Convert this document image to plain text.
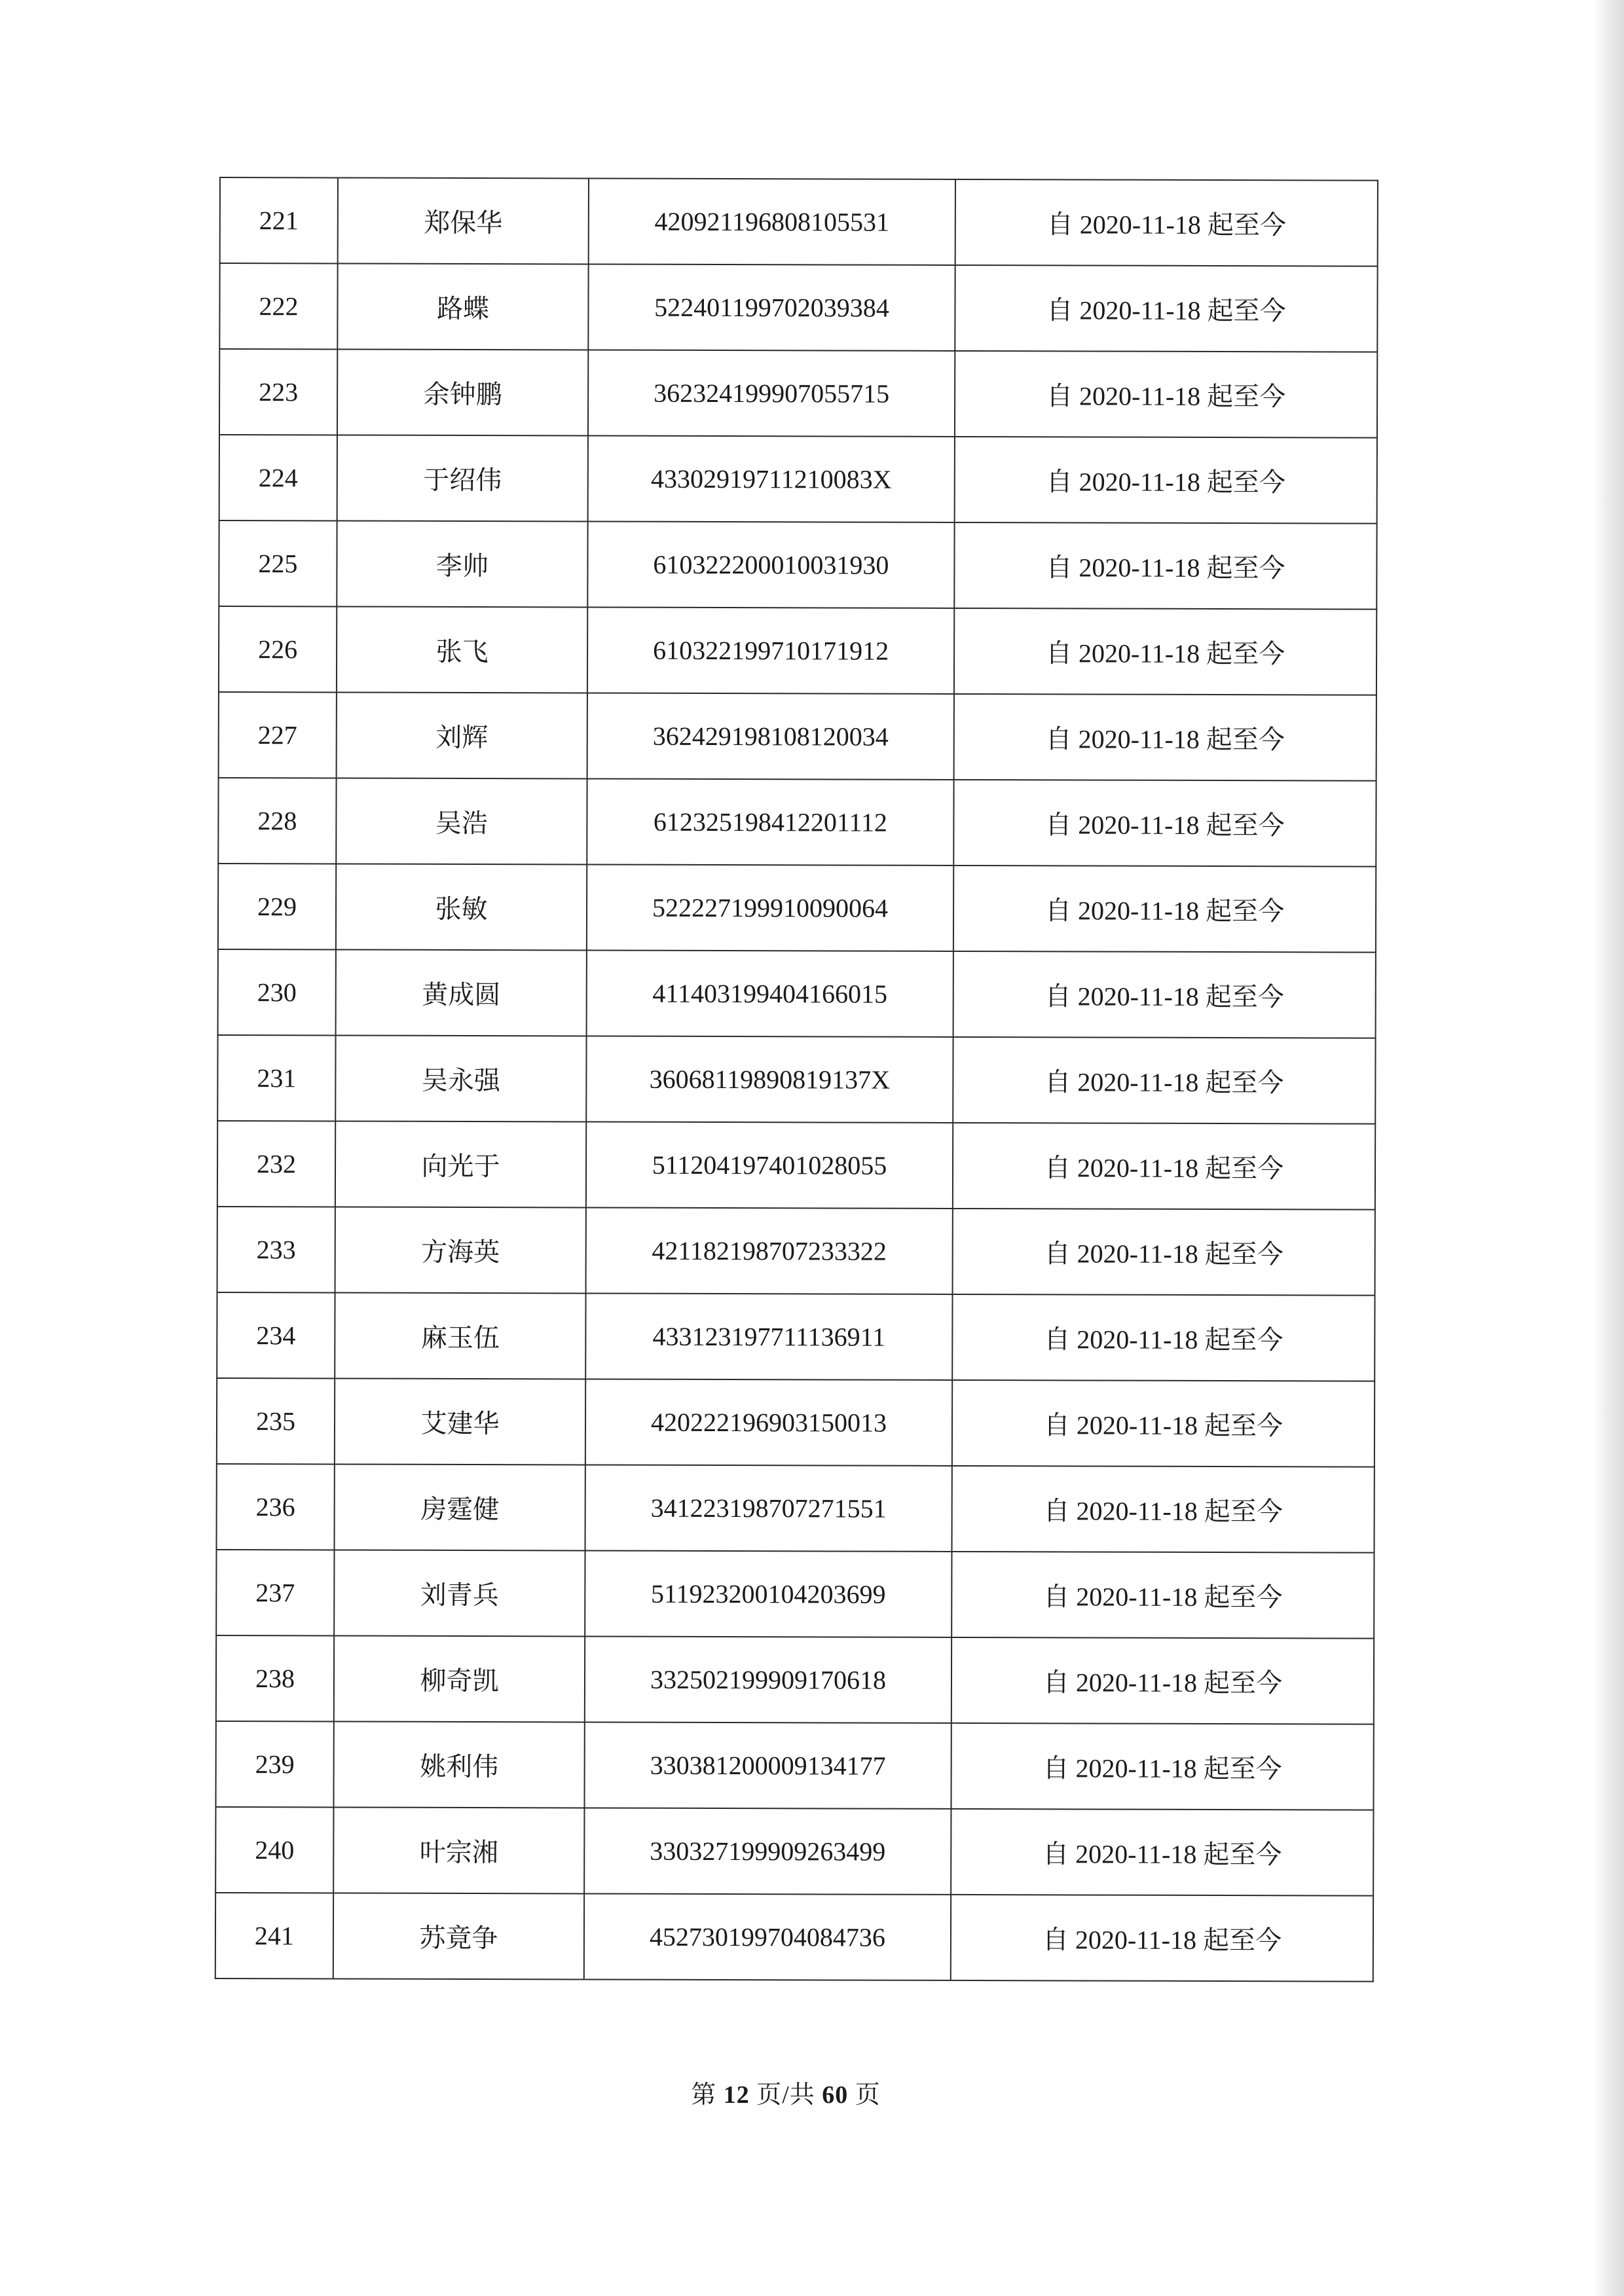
221	郑保华	420921196808105531	自 2020-11-18 起至今
222	路蝶	522401199702039384	自 2020-11-18 起至今
223	余钟鹏	362324199907055715	自 2020-11-18 起至今
224	于绍伟	43302919711210083X	自 2020-11-18 起至今
225	李帅	610322200010031930	自 2020-11-18 起至今
226	张飞	610322199710171912	自 2020-11-18 起至今
227	刘辉	362429198108120034	自 2020-11-18 起至今
228	吴浩	612325198412201112	自 2020-11-18 起至今
229	张敏	522227199910090064	自 2020-11-18 起至今
230	黄成圆	411403199404166015	自 2020-11-18 起至今
231	吴永强	36068119890819137X	自 2020-11-18 起至今
232	向光于	511204197401028055	自 2020-11-18 起至今
233	方海英	421182198707233322	自 2020-11-18 起至今
234	麻玉伍	433123197711136911	自 2020-11-18 起至今
235	艾建华	420222196903150013	自 2020-11-18 起至今
236	房霆健	341223198707271551	自 2020-11-18 起至今
237	刘青兵	511923200104203699	自 2020-11-18 起至今
238	柳奇凯	332502199909170618	自 2020-11-18 起至今
239	姚利伟	330381200009134177	自 2020-11-18 起至今
240	叶宗湘	330327199909263499	自 2020-11-18 起至今
241	苏竟争	452730199704084736	自 2020-11-18 起至今
第 12 页/共 60 页
